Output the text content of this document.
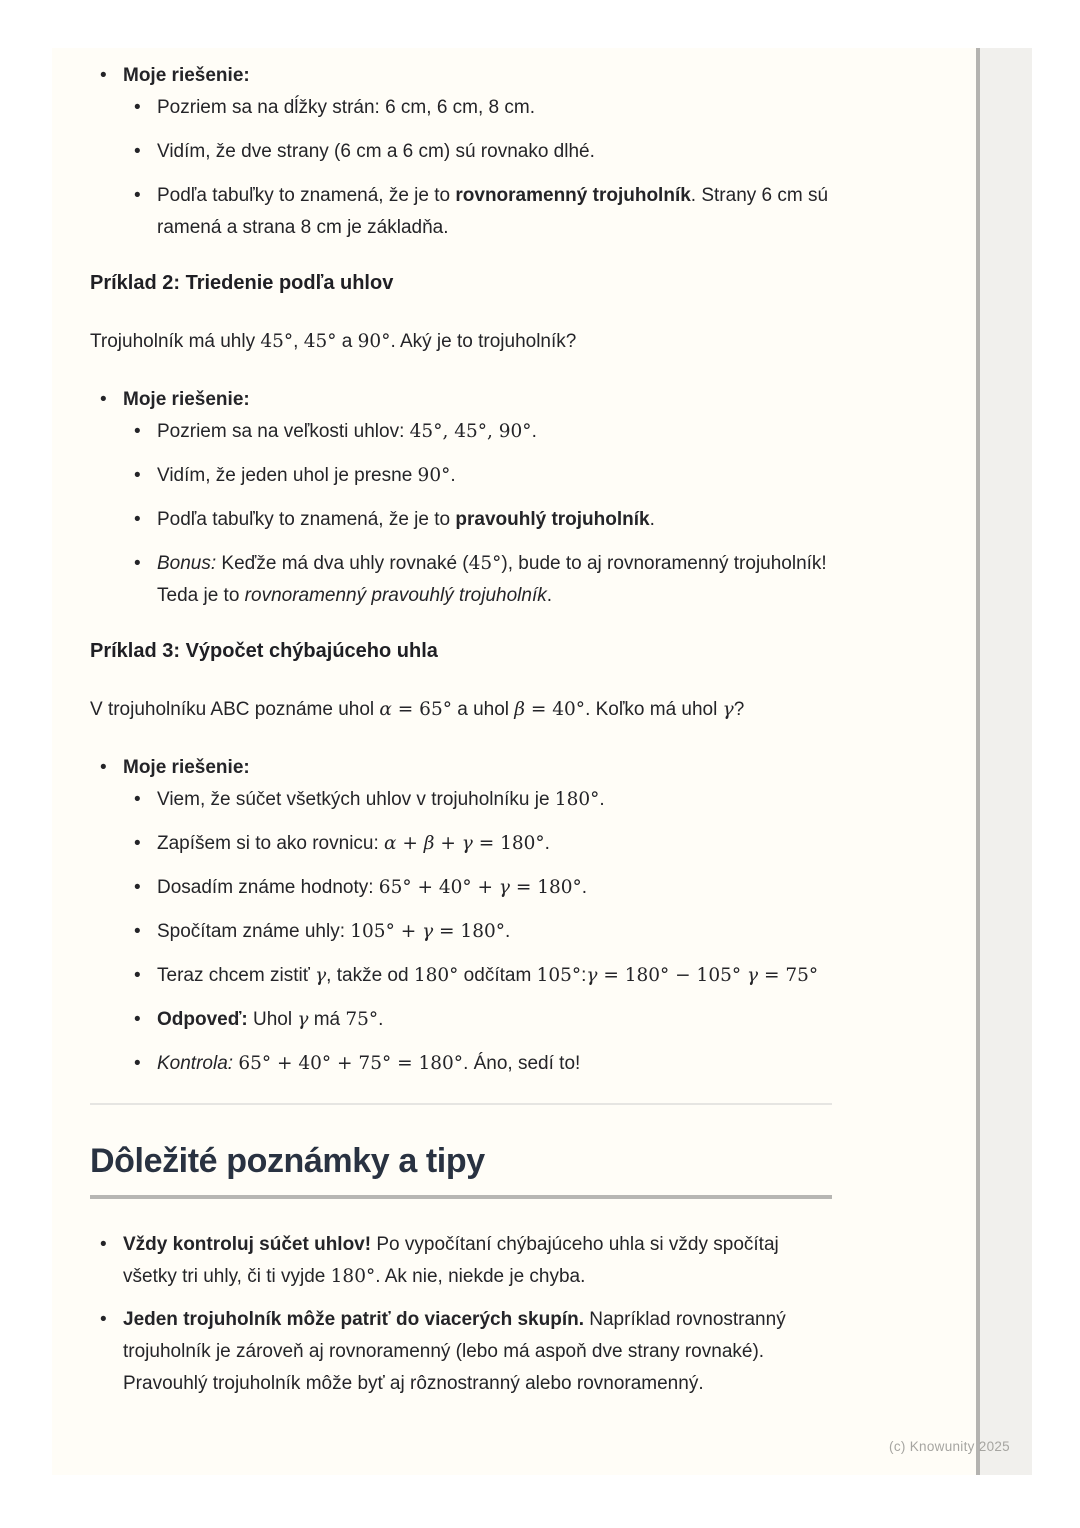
• Moje riešenie:
• Pozriem sa na dĺžky strán: 6 cm, 6 cm, 8 cm.
• Vidím, že dve strany (6 cm a 6 cm) sú rovnako dlhé.
• Podľa tabuľky to znamená, že je to rovnoramenný trojuholník. Strany 6 cm sú ramená a strana 8 cm je základňa.
Príklad 2: Triedenie podľa uhlov

Trojuholník má uhly 45°, 45° a 90°. Aký je to trojuholník?

• Moje riešenie:
• Pozriem sa na veľkosti uhlov: 45°, 45°, 90°.
• Vidím, že jeden uhol je presne 90°.
• Podľa tabuľky to znamená, že je to pravouhlý trojuholník.
• Bonus: Keďže má dva uhly rovnaké (45°), bude to aj rovnoramenný trojuholník! Teda je to rovnoramenný pravouhlý trojuholník.
Príklad 3: Výpočet chýbajúceho uhla

V trojuholníku ABC poznáme uhol α = 65° a uhol β = 40°. Koľko má uhol γ?

• Moje riešenie:
• Viem, že súčet všetkých uhlov v trojuholníku je 180°.
• Zapíšem si to ako rovnicu: α + β + γ = 180°.
• Dosadím známe hodnoty: 65° + 40° + γ = 180°.
• Spočítam známe uhly: 105° + γ = 180°.
• Teraz chcem zistiť γ, takže od 180° odčítam 105°:γ = 180° − 105° γ = 75°
• Odpoveď: Uhol γ má 75°.
• Kontrola: 65° + 40° + 75° = 180°. Áno, sedí to!
Dôležité poznámky a tipy
• Vždy kontroluj súčet uhlov! Po vypočítaní chýbajúceho uhla si vždy spočítaj všetky tri uhly, či ti vyjde 180°. Ak nie, niekde je chyba.
• Jeden trojuholník môže patriť do viacerých skupín. Napríklad rovnostranný trojuholník je zároveň aj rovnoramenný (lebo má aspoň dve strany rovnaké). Pravouhlý trojuholník môže byť aj rôznostranný alebo rovnoramenný.
(c) Knowunity 2025
